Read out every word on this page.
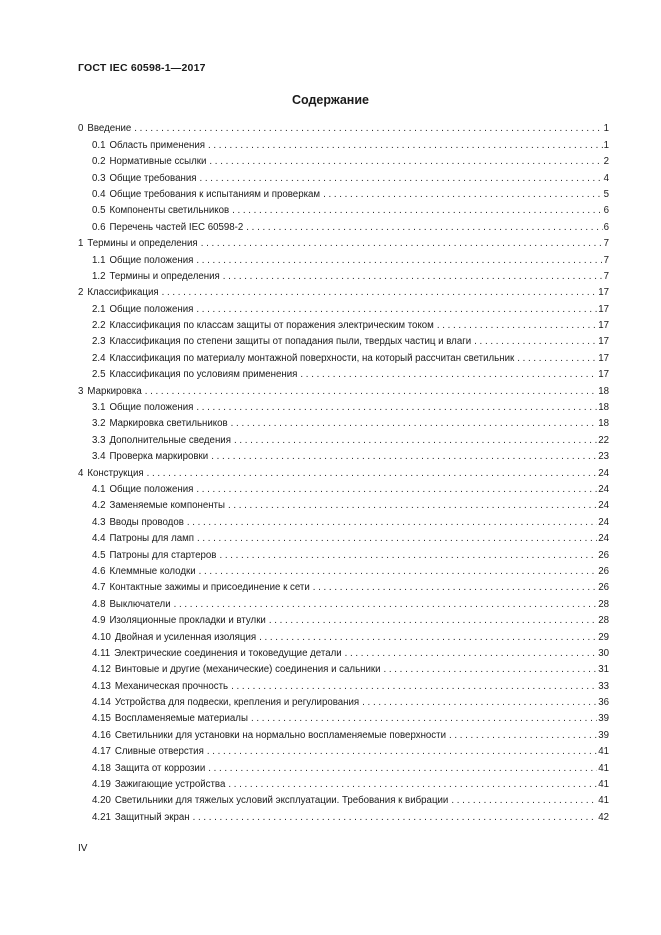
ГОСТ IEC 60598-1—2017
Содержание
0 Введение . . .	1
0.1 Область применения . . .	1
0.2 Нормативные ссылки . . .	2
0.3 Общие требования . . .	4
0.4 Общие требования к испытаниям и проверкам . . .	5
0.5 Компоненты светильников . . .	6
0.6 Перечень частей IEC 60598-2 . . .	6
1 Термины и определения . . .	7
1.1 Общие положения . . .	7
1.2 Термины и определения . . .	7
2 Классификация . . .	17
2.1 Общие положения . . .	17
2.2 Классификация по классам защиты от поражения электрическим током . . .	17
2.3 Классификация по степени защиты от попадания пыли, твердых частиц и влаги . . .	17
2.4 Классификация по материалу монтажной поверхности, на который рассчитан светильник . . .	17
2.5 Классификация по условиям применения . . .	17
3 Маркировка . . .	18
3.1 Общие положения . . .	18
3.2 Маркировка светильников . . .	18
3.3 Дополнительные сведения . . .	22
3.4 Проверка маркировки . . .	23
4 Конструкция . . .	24
4.1 Общие положения . . .	24
4.2 Заменяемые компоненты . . .	24
4.3 Вводы проводов . . .	24
4.4 Патроны для ламп . . .	24
4.5 Патроны для стартеров . . .	26
4.6 Клеммные колодки . . .	26
4.7 Контактные зажимы и присоединение к сети . . .	26
4.8 Выключатели . . .	28
4.9 Изоляционные прокладки и втулки . . .	28
4.10 Двойная и усиленная изоляция . . .	29
4.11 Электрические соединения и токоведущие детали . . .	30
4.12 Винтовые и другие (механические) соединения и сальники . . .	31
4.13 Механическая прочность . . .	33
4.14 Устройства для подвески, крепления и регулирования . . .	36
4.15 Воспламеняемые материалы . . .	39
4.16 Светильники для установки на нормально воспламеняемые поверхности . . .	39
4.17 Сливные отверстия . . .	41
4.18 Защита от коррозии . . .	41
4.19 Зажигающие устройства . . .	41
4.20 Светильники для тяжелых условий эксплуатации. Требования к вибрации . . .	41
4.21 Защитный экран . . .	42
IV
